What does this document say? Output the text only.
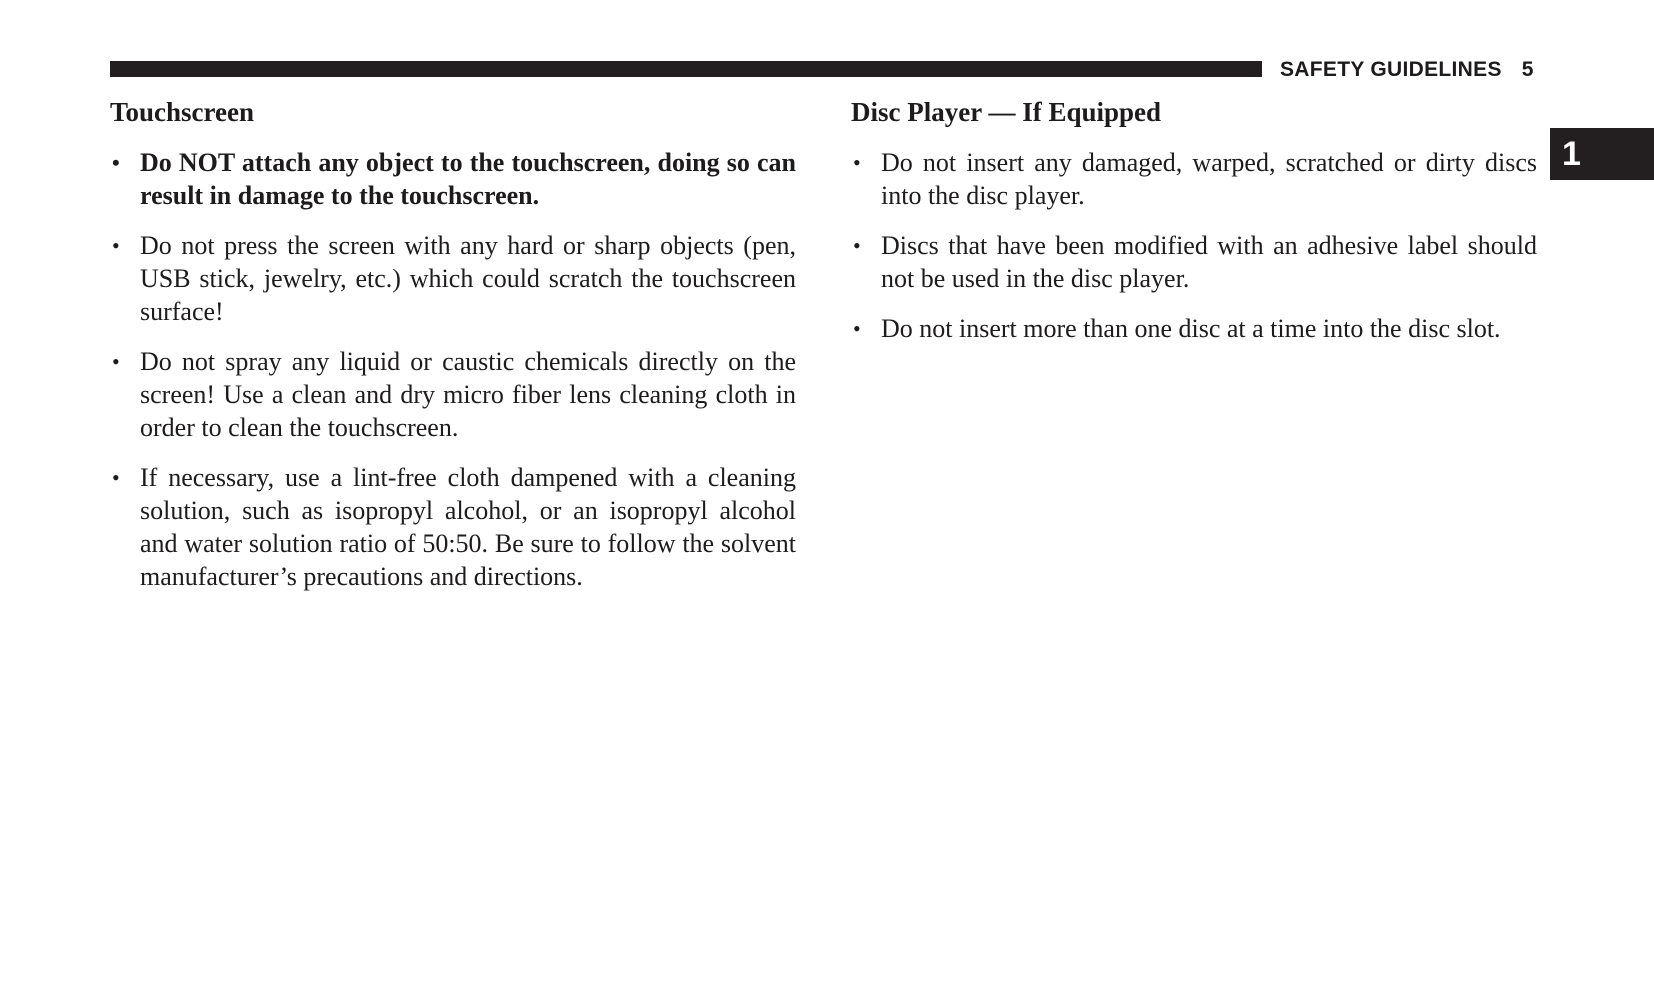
SAFETY GUIDELINES 5
1
Touchscreen
• Do NOT attach any object to the touchscreen, doing so can result in damage to the touchscreen.
• Do not press the screen with any hard or sharp objects (pen, USB stick, jewelry, etc.) which could scratch the touchscreen surface!
• Do not spray any liquid or caustic chemicals directly on the screen! Use a clean and dry micro fiber lens cleaning cloth in order to clean the touchscreen.
• If necessary, use a lint-free cloth dampened with a cleaning solution, such as isopropyl alcohol, or an isopropyl alcohol and water solution ratio of 50:50. Be sure to follow the solvent manufacturer’s precautions and directions.
Disc Player — If Equipped
• Do not insert any damaged, warped, scratched or dirty discs into the disc player.
• Discs that have been modified with an adhesive label should not be used in the disc player.
• Do not insert more than one disc at a time into the disc slot.
